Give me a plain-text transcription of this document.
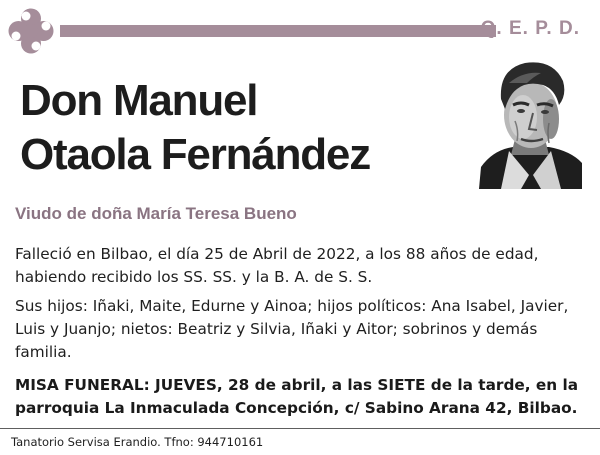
Q. E. P. D.
Don Manuel
Otaola Fernández
Viudo de doña María Teresa Bueno

Falleció en Bilbao, el día 25 de Abril de 2022, a los 88 años de edad, habiendo recibido los SS. SS. y la B. A. de S. S.

Sus hijos: Iñaki, Maite, Edurne y Ainoa; hijos políticos: Ana Isabel, Javier, Luis y Juanjo; nietos: Beatriz y Silvia, Iñaki y Aitor; sobrinos y demás familia.

MISA FUNERAL: JUEVES, 28 de abril, a las SIETE de la tarde, en la parroquia La Inmaculada Concepción, c/ Sabino Arana 42, Bilbao.

Tanatorio Servisa Erandio. Tfno: 944710161
